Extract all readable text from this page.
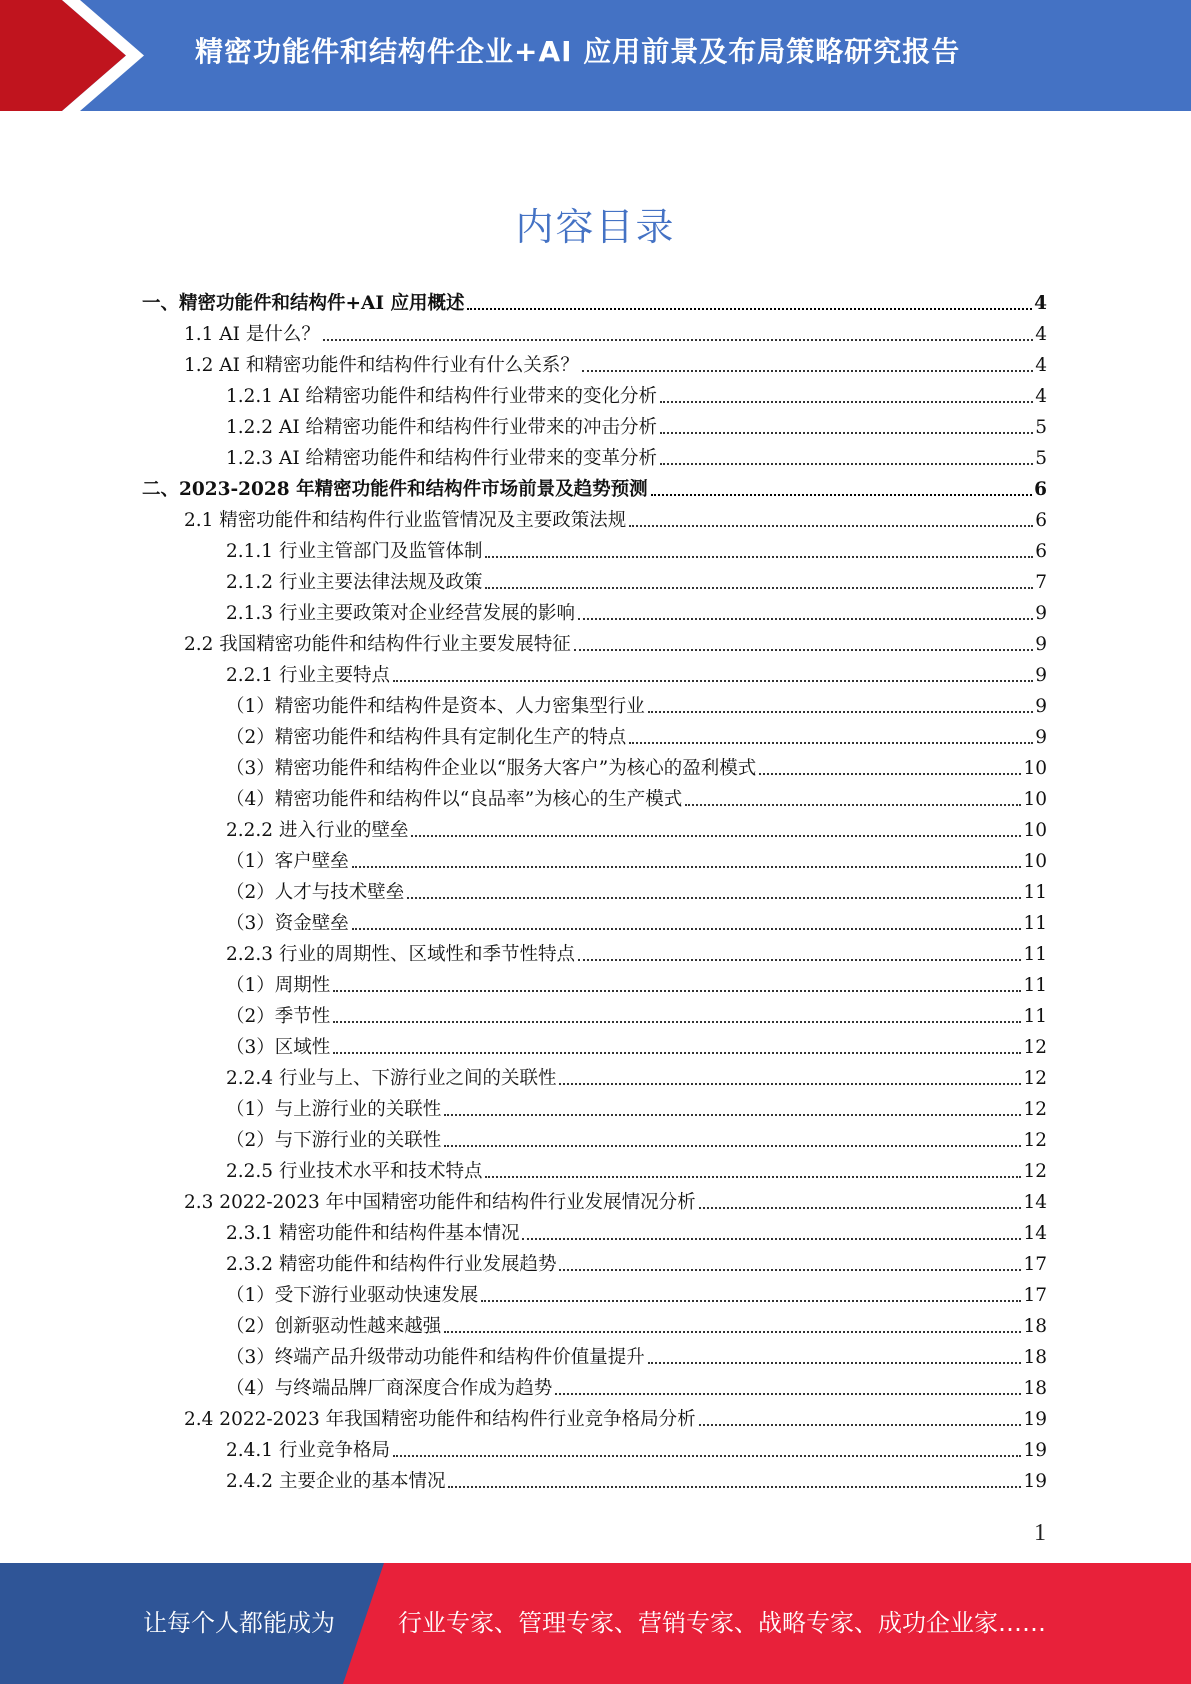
精密功能件和结构件企业+AI 应用前景及布局策略研究报告
内容目录
一、精密功能件和结构件+AI 应用概述	4
1.1 AI 是什么？	4
1.2 AI 和精密功能件和结构件行业有什么关系？	4
1.2.1 AI 给精密功能件和结构件行业带来的变化分析	4
1.2.2 AI 给精密功能件和结构件行业带来的冲击分析	5
1.2.3 AI 给精密功能件和结构件行业带来的变革分析	5
二、2023-2028 年精密功能件和结构件市场前景及趋势预测	6
2.1 精密功能件和结构件行业监管情况及主要政策法规	6
2.1.1 行业主管部门及监管体制	6
2.1.2 行业主要法律法规及政策	7
2.1.3 行业主要政策对企业经营发展的影响	9
2.2 我国精密功能件和结构件行业主要发展特征	9
2.2.1 行业主要特点	9
（1）精密功能件和结构件是资本、人力密集型行业	9
（2）精密功能件和结构件具有定制化生产的特点	9
（3）精密功能件和结构件企业以“服务大客户”为核心的盈利模式	10
（4）精密功能件和结构件以“良品率”为核心的生产模式	10
2.2.2 进入行业的壁垒	10
（1）客户壁垒	10
（2）人才与技术壁垒	11
（3）资金壁垒	11
2.2.3 行业的周期性、区域性和季节性特点	11
（1）周期性	11
（2）季节性	11
（3）区域性	12
2.2.4 行业与上、下游行业之间的关联性	12
（1）与上游行业的关联性	12
（2）与下游行业的关联性	12
2.2.5 行业技术水平和技术特点	12
2.3 2022-2023 年中国精密功能件和结构件行业发展情况分析	14
2.3.1 精密功能件和结构件基本情况	14
2.3.2 精密功能件和结构件行业发展趋势	17
（1）受下游行业驱动快速发展	17
（2）创新驱动性越来越强	18
（3）终端产品升级带动功能件和结构件价值量提升	18
（4）与终端品牌厂商深度合作成为趋势	18
2.4 2022-2023 年我国精密功能件和结构件行业竞争格局分析	19
2.4.1 行业竞争格局	19
2.4.2 主要企业的基本情况	19
1
让每个人都能成为	行业专家、管理专家、营销专家、战略专家、成功企业家……
